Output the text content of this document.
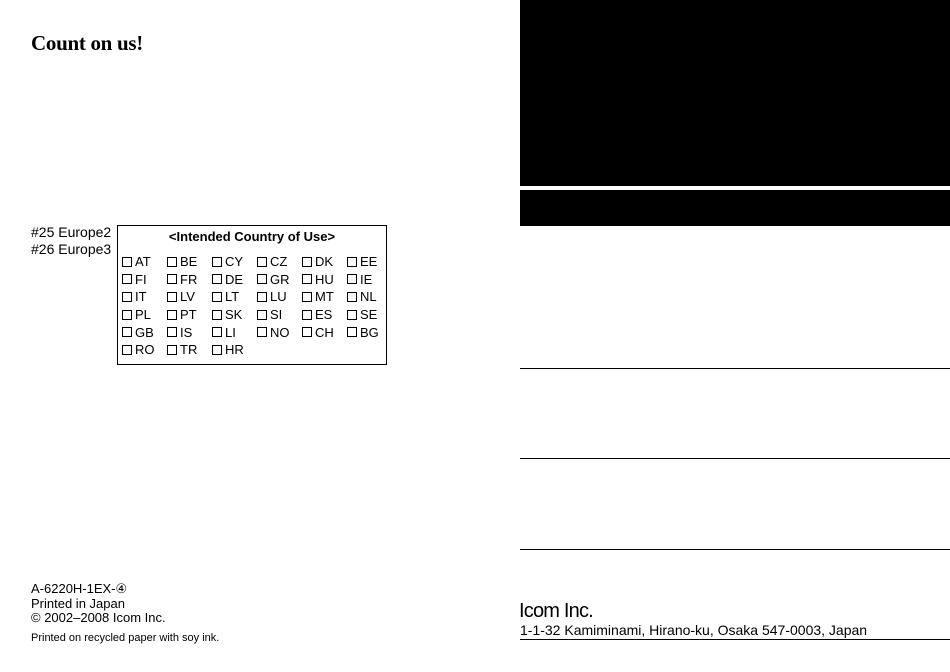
Count on us!
#25 Europe2
#26 Europe3
<Intended Country of Use>
AT BE CY CZ DK EE
FI	FR DE GR HU IE
IT	LV LT LU MT NL
PL PT SK SI	ES SE
GB IS	LI	NO CH BG
RO TR HR
A-6220H-1EX-④
Printed in Japan
© 2002–2008 Icom Inc.
Printed on recycled paper with soy ink.
Icom Inc.
1-1-32 Kamiminami, Hirano-ku, Osaka 547-0003, Japan
